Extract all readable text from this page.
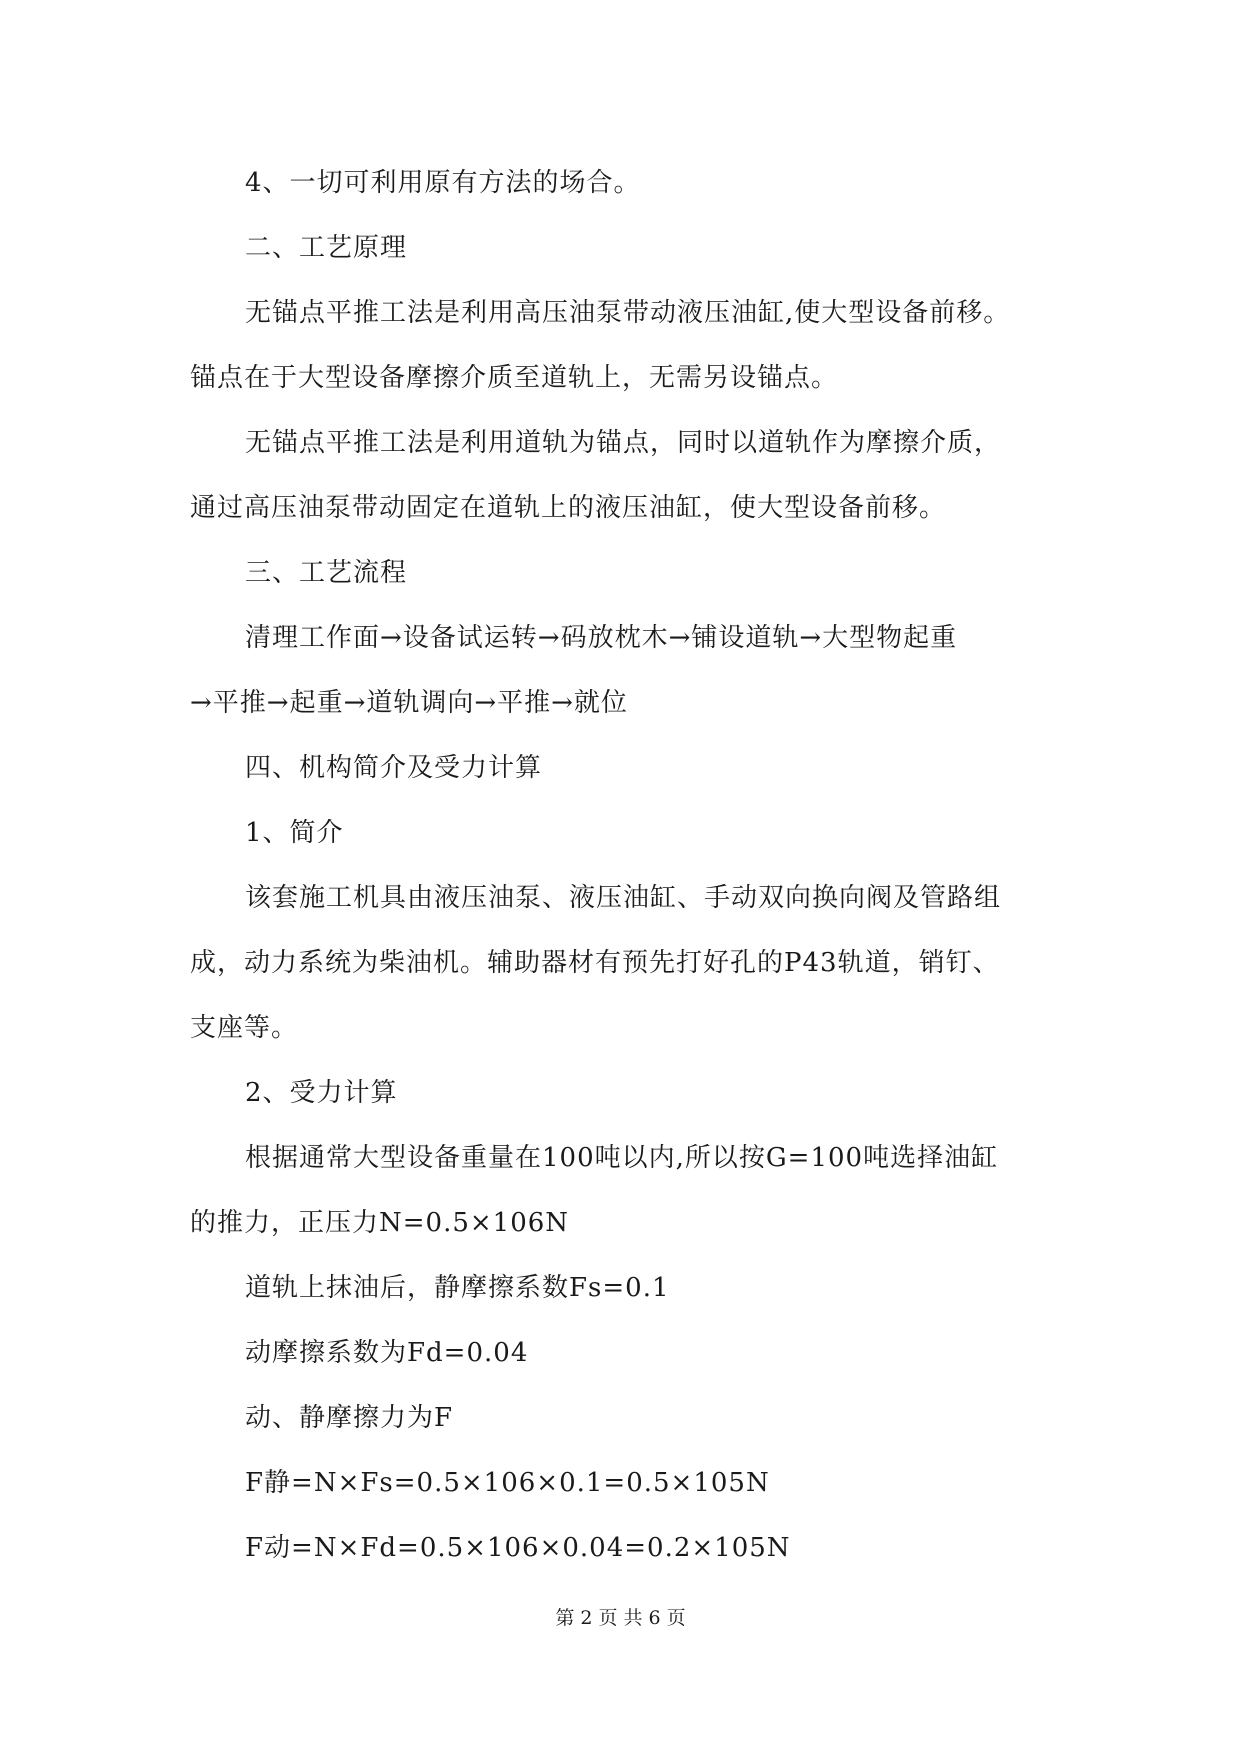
4、一切可利用原有方法的场合。
二、工艺原理
无锚点平推工法是利用高压油泵带动液压油缸,使大型设备前移。
锚点在于大型设备摩擦介质至道轨上，无需另设锚点。
无锚点平推工法是利用道轨为锚点，同时以道轨作为摩擦介质，
通过高压油泵带动固定在道轨上的液压油缸，使大型设备前移。
三、工艺流程
清理工作面→设备试运转→码放枕木→铺设道轨→大型物起重
→平推→起重→道轨调向→平推→就位
四、机构简介及受力计算
1、简介
该套施工机具由液压油泵、液压油缸、手动双向换向阀及管路组
成，动力系统为柴油机。辅助器材有预先打好孔的P43轨道，销钉、
支座等。
2、受力计算
根据通常大型设备重量在100吨以内,所以按G=100吨选择油缸
的推力，正压力N=0.5×106N
道轨上抹油后，静摩擦系数Fs=0.1
动摩擦系数为Fd=0.04
动、静摩擦力为F
F静=N×Fs=0.5×106×0.1=0.5×105N
F动=N×Fd=0.5×106×0.04=0.2×105N
第 2 页 共 6 页
